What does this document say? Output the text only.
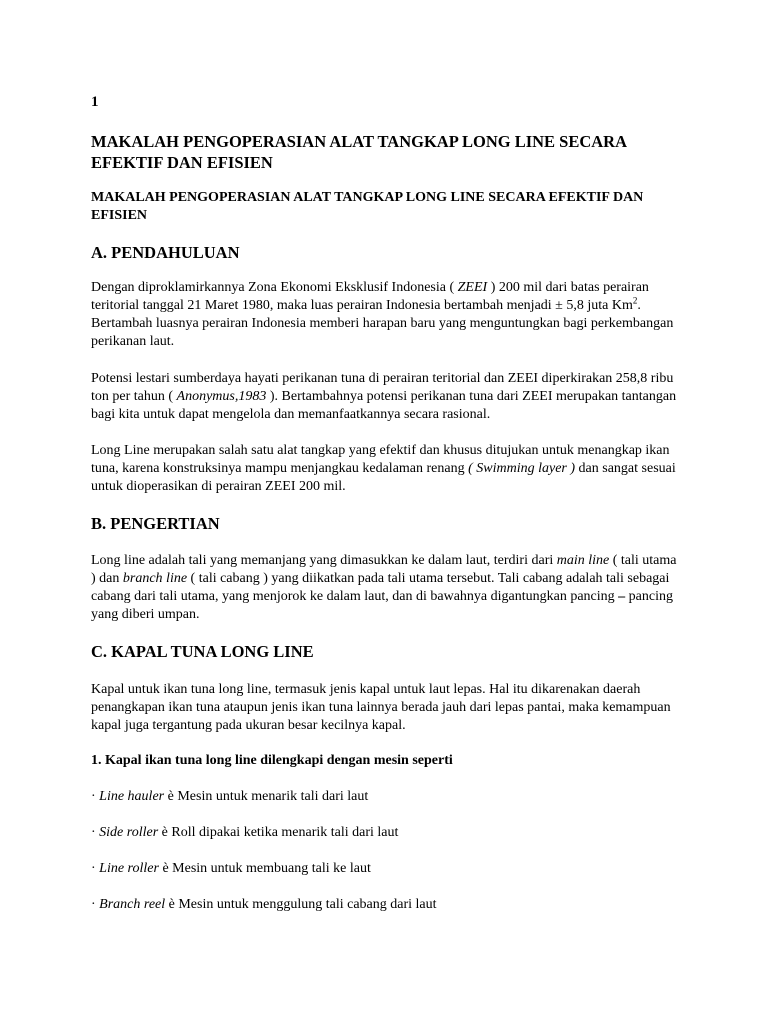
1
MAKALAH PENGOPERASIAN ALAT TANGKAP LONG LINE SECARA EFEKTIF DAN EFISIEN
MAKALAH PENGOPERASIAN ALAT TANGKAP LONG LINE SECARA EFEKTIF DAN EFISIEN
A. PENDAHULUAN

Dengan diproklamirkannya Zona Ekonomi Eksklusif Indonesia ( ZEEI ) 200 mil dari batas perairan teritorial tanggal 21 Maret 1980, maka luas perairan Indonesia bertambah menjadi ± 5,8 juta Km$^2$. Bertambah luasnya perairan Indonesia memberi harapan baru yang menguntungkan bagi perkembangan perikanan laut.

Potensi lestari sumberdaya hayati perikanan tuna di perairan teritorial dan ZEEI diperkirakan 258,8 ribu ton per tahun ( Anonymus,1983 ). Bertambahnya potensi perikanan tuna dari ZEEI merupakan tantangan bagi kita untuk dapat mengelola dan memanfaatkannya secara rasional.

Long Line merupakan salah satu alat tangkap yang efektif dan khusus ditujukan untuk menangkap ikan tuna, karena konstruksinya mampu menjangkau kedalaman renang ( Swimming layer ) dan sangat sesuai untuk dioperasikan di perairan ZEEI 200 mil.

B. PENGERTIAN

Long line adalah tali yang memanjang yang dimasukkan ke dalam laut, terdiri dari main line ( tali utama ) dan branch line ( tali cabang ) yang diikatkan pada tali utama tersebut. Tali cabang adalah tali sebagai cabang dari tali utama, yang menjorok ke dalam laut, dan di bawahnya digantungkan pancing – pancing yang diberi umpan.

C. KAPAL TUNA LONG LINE

Kapal untuk ikan tuna long line, termasuk jenis kapal untuk laut lepas. Hal itu dikarenakan daerah penangkapan ikan tuna ataupun jenis ikan tuna lainnya berada jauh dari lepas pantai, maka kemampuan kapal juga tergantung pada ukuran besar kecilnya kapal.

1. Kapal ikan tuna long line dilengkapi dengan mesin seperti
· Line hauler è Mesin untuk menarik tali dari laut
· Side roller è Roll dipakai ketika menarik tali dari laut
· Line roller è Mesin untuk membuang tali ke laut
· Branch reel è Mesin untuk menggulung tali cabang dari laut
